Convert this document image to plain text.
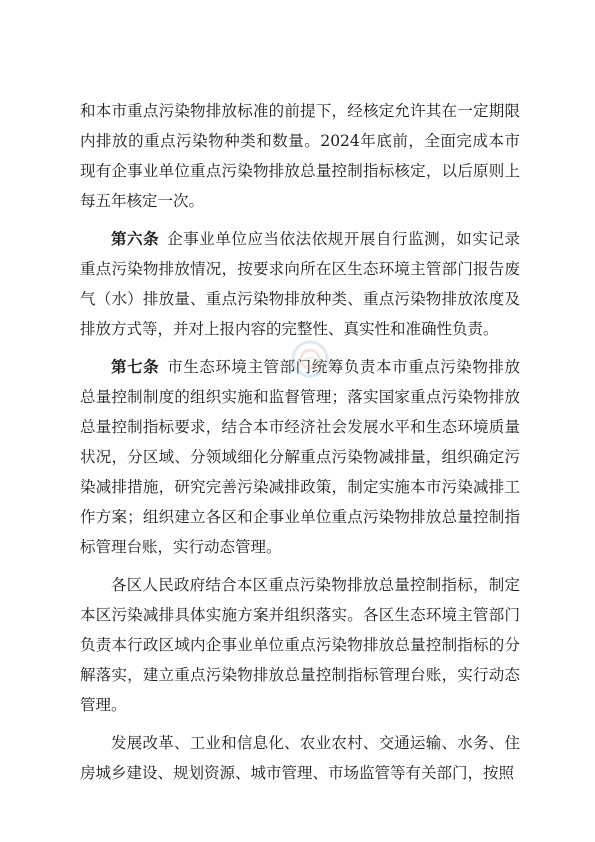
和本市重点污染物排放标准的前提下，经核定允许其在一定期限内排放的重点污染物种类和数量。2024年底前，全面完成本市现有企事业单位重点污染物排放总量控制指标核定，以后原则上每五年核定一次。

第六条 企事业单位应当依法依规开展自行监测，如实记录重点污染物排放情况，按要求向所在区生态环境主管部门报告废气（水）排放量、重点污染物排放种类、重点污染物排放浓度及排放方式等，并对上报内容的完整性、真实性和准确性负责。

第七条 市生态环境主管部门统筹负责本市重点污染物排放总量控制制度的组织实施和监督管理；落实国家重点污染物排放总量控制指标要求，结合本市经济社会发展水平和生态环境质量状况，分区域、分领域细化分解重点污染物减排量，组织确定污染减排措施，研究完善污染减排政策，制定实施本市污染减排工作方案；组织建立各区和企事业单位重点污染物排放总量控制指标管理台账，实行动态管理。

各区人民政府结合本区重点污染物排放总量控制指标，制定本区污染减排具体实施方案并组织落实。各区生态环境主管部门负责本行政区域内企事业单位重点污染物排放总量控制指标的分解落实，建立重点污染物排放总量控制指标管理台账，实行动态管理。

发展改革、工业和信息化、农业农村、交通运输、水务、住房城乡建设、规划资源、城市管理、市场监管等有关部门，按照
